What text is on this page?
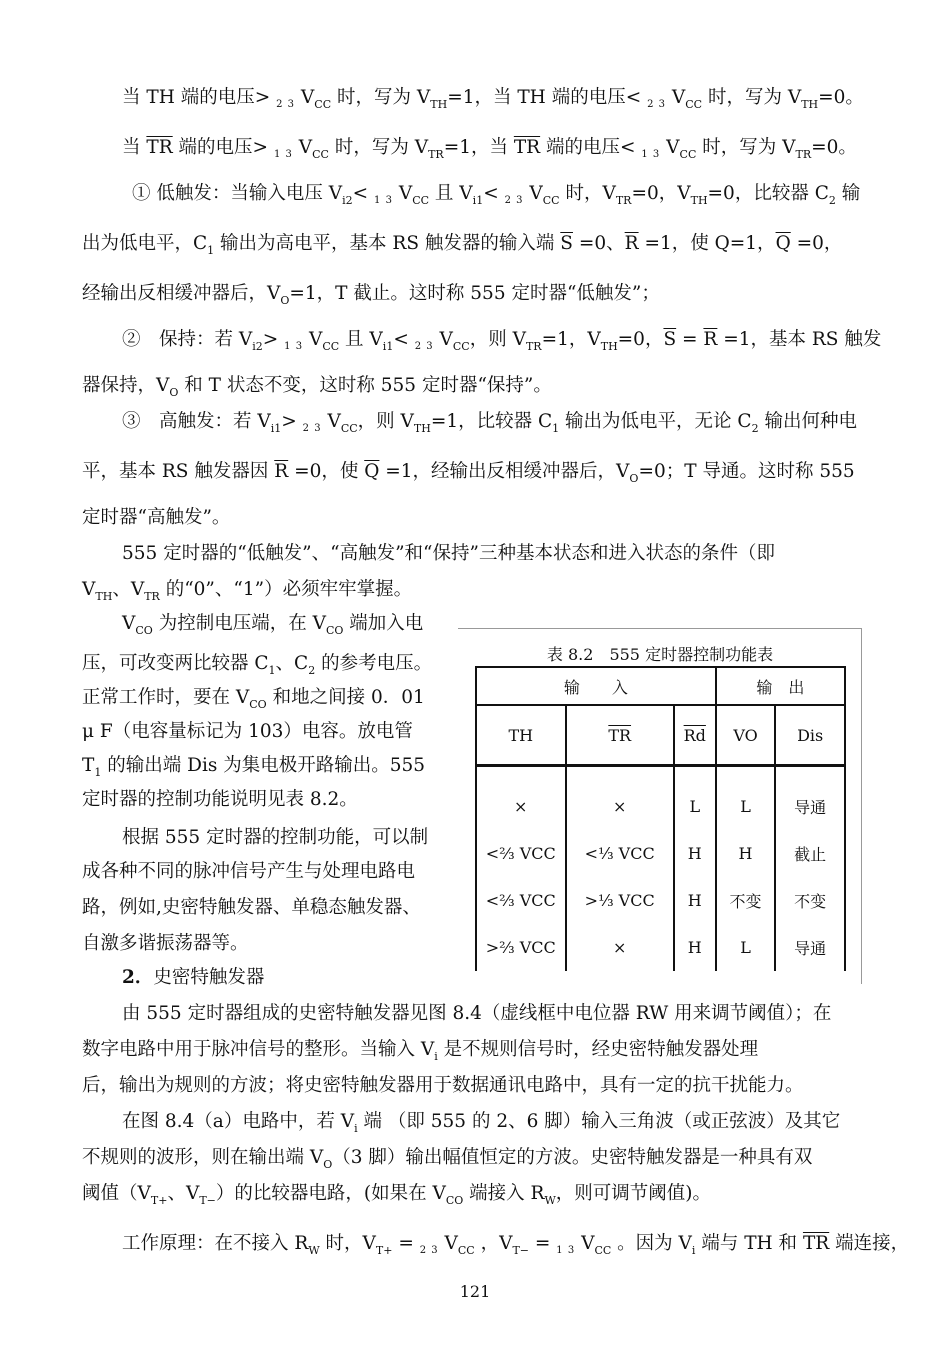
当 TH 端的电压> $_{2 3}$ $V_{CC}$ 时，写为 $V_{TH}=1$，当 TH 端的电压< $_{2 3}$ $V_{CC}$ 时，写为 $V_{TH}=0$。
当 $\overline{TR}$ 端的电压> $_{1 3}$ $V_{CC}$ 时，写为 $V_{TR}=1$，当 $\overline{TR}$ 端的电压< $_{1 3}$ $V_{CC}$ 时，写为 $V_{TR}=0$。
① 低触发：当输入电压 $V_{i2}< _{1 3}$ $V_{CC}$ 且 $V_{i1}< _{2 3}$ $V_{CC}$ 时，$V_{TR}=0$，$V_{TH}=0$，比较器 $C_2$ 输
出为低电平，$C_1$ 输出为高电平，基本 RS 触发器的输入端 $\overline{S} =0$、$\overline{R} =1$，使 Q=1，$\overline{Q} =0$，
经输出反相缓冲器后，$V_O=1$，T 截止。这时称 555 定时器“低触发”；
②　保持：若 $V_{i2}> _{1 3}$ $V_{CC}$ 且 $V_{i1}< _{2 3}$ $V_{CC}$，则 $V_{TR}=1$，$V_{TH}=0$，$\overline{S} = \overline{R} =1$，基本 RS 触发
器保持，$V_O$ 和 T 状态不变，这时称 555 定时器“保持”。
③　高触发：若 $V_{i1}> _{2 3}$ $V_{CC}$，则 $V_{TH}=1$，比较器 $C_1$ 输出为低电平，无论 $C_2$ 输出何种电
平，基本 RS 触发器因 $\overline{R} =0$，使 $\overline{Q} =1$，经输出反相缓冲器后，$V_O=0$；T 导通。这时称 555
定时器“高触发”。
555 定时器的“低触发”、“高触发”和“保持”三种基本状态和进入状态的条件（即
$V_{TH}$、$V_{TR}$ 的“0”、“1”）必须牢牢掌握。
$V_{CO}$ 为控制电压端，在 $V_{CO}$ 端加入电
压，可改变两比较器 $C_1$、$C_2$ 的参考电压。
正常工作时，要在 $V_{CO}$ 和地之间接 0．01
μ F（电容量标记为 103）电容。放电管
$T_1$ 的输出端 Dis 为集电极开路输出。555
定时器的控制功能说明见表 8.2。
根据 555 定时器的控制功能，可以制
成各种不同的脉冲信号产生与处理电路电
路，例如,史密特触发器、单稳态触发器、
自激多谐振荡器等。
2．史密特触发器
由 555 定时器组成的史密特触发器见图 8.4（虚线框中电位器 RW 用来调节阈值）；在
数字电路中用于脉冲信号的整形。当输入 $V_i$ 是不规则信号时，经史密特触发器处理
后，输出为规则的方波；将史密特触发器用于数据通讯电路中，具有一定的抗干扰能力。
在图 8.4（a）电路中，若 $V_i$ 端 （即 555 的 2、6 脚）输入三角波（或正弦波）及其它
不规则的波形，则在输出端 $V_O(3$ 脚）输出幅值恒定的方波。史密特触发器是一种具有双
阈值（$V_{T+}$、$V_{T-}$）的比较器电路，(如果在 $V_{CO}$ 端接入 $R_W$，则可调节阈值)。
工作原理：在不接入 $R_W$ 时，$V_{T+} = _{2 3}$ $V_{CC}$ ，$V_{T-} = _{1 3}$ $V_{CC}$ 。因为 $V_i$ 端与 TH 和 $\overline{TR}$ 端连接，
表 8.2　555 定时器控制功能表
输　　入			输　出	
TH	$\overline{TR}$	$\overline{Rd}$	VO	Dis
×	×	L	L	导通
<⅔ VCC	<⅓ VCC	H	H	截止
<⅔ VCC	>⅓ VCC	H	不变	不变
>⅔ VCC	×	H	L	导通
121
